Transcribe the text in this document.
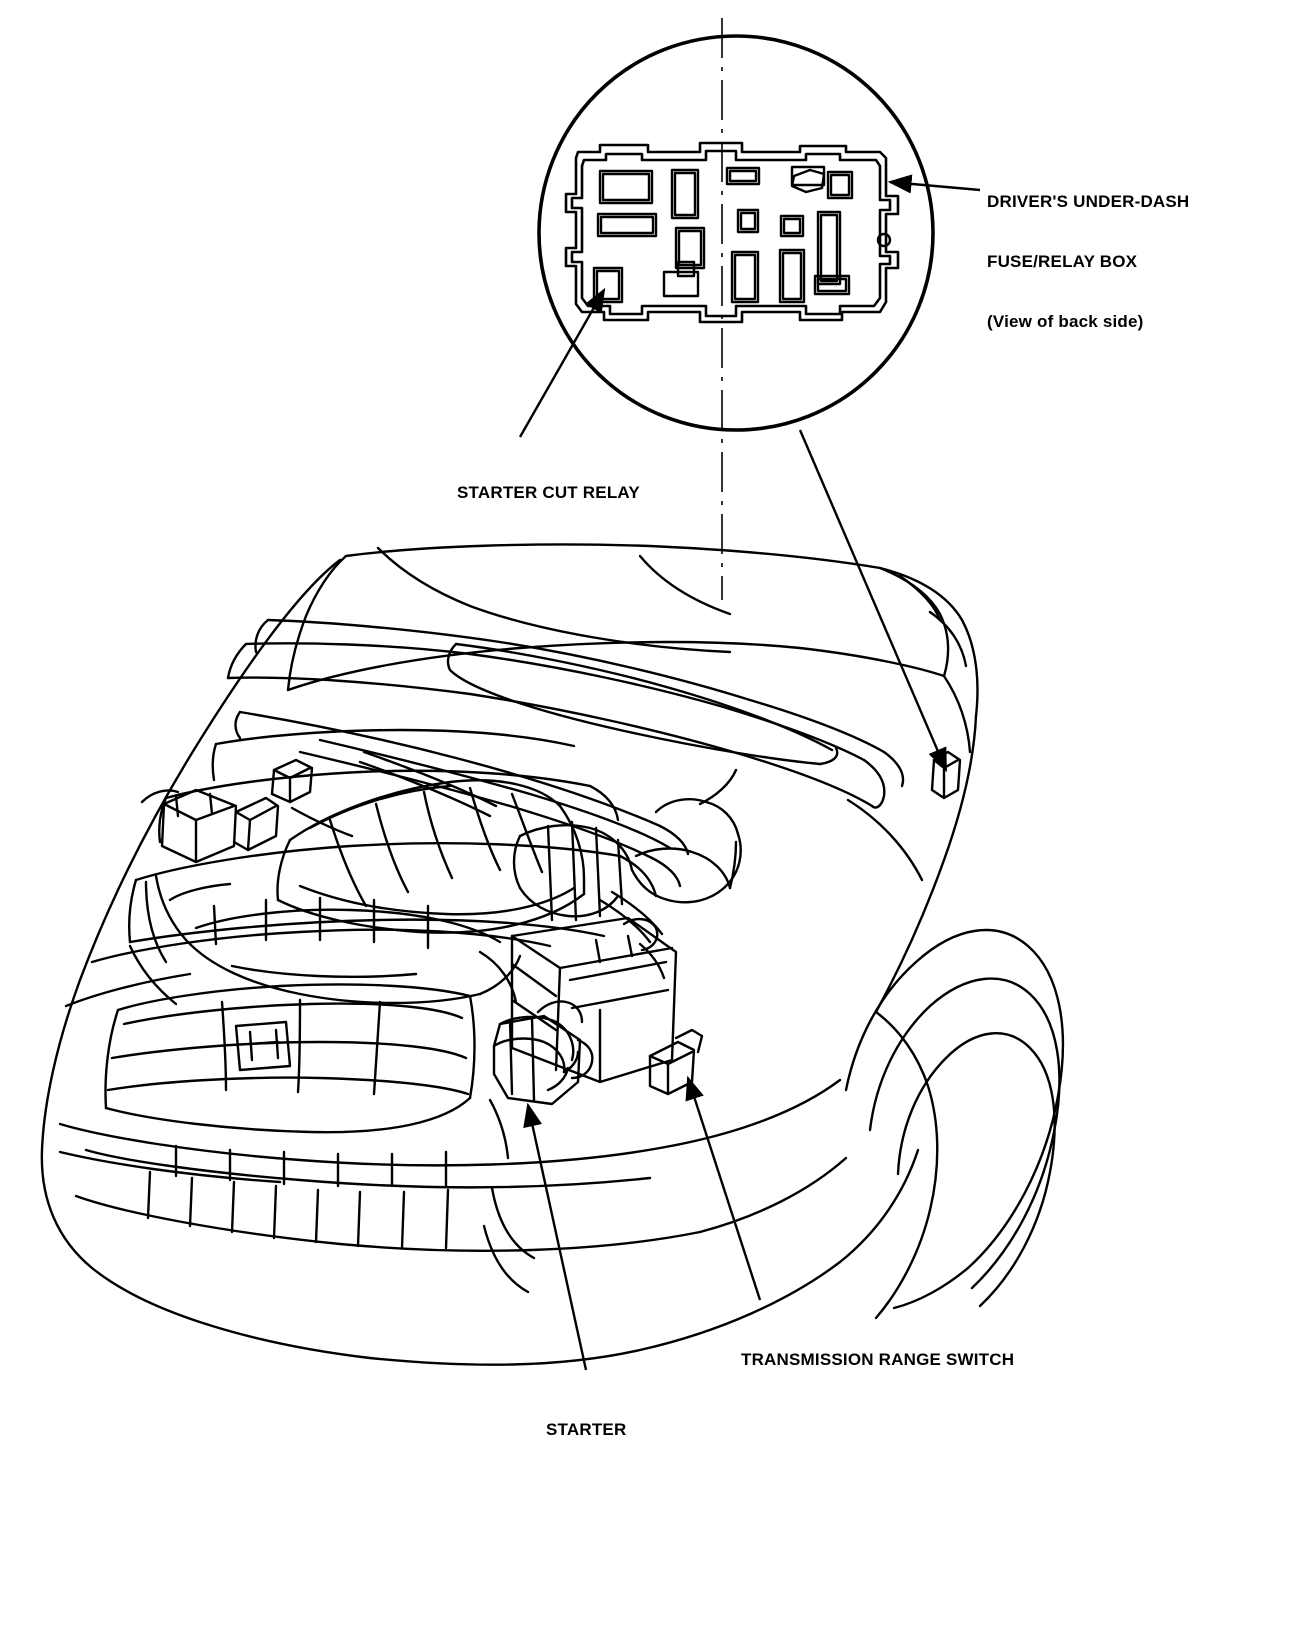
DRIVER'S UNDER-DASH

FUSE/RELAY BOX

(View of back side)

STARTER CUT RELAY

TRANSMISSION RANGE SWITCH

STARTER
